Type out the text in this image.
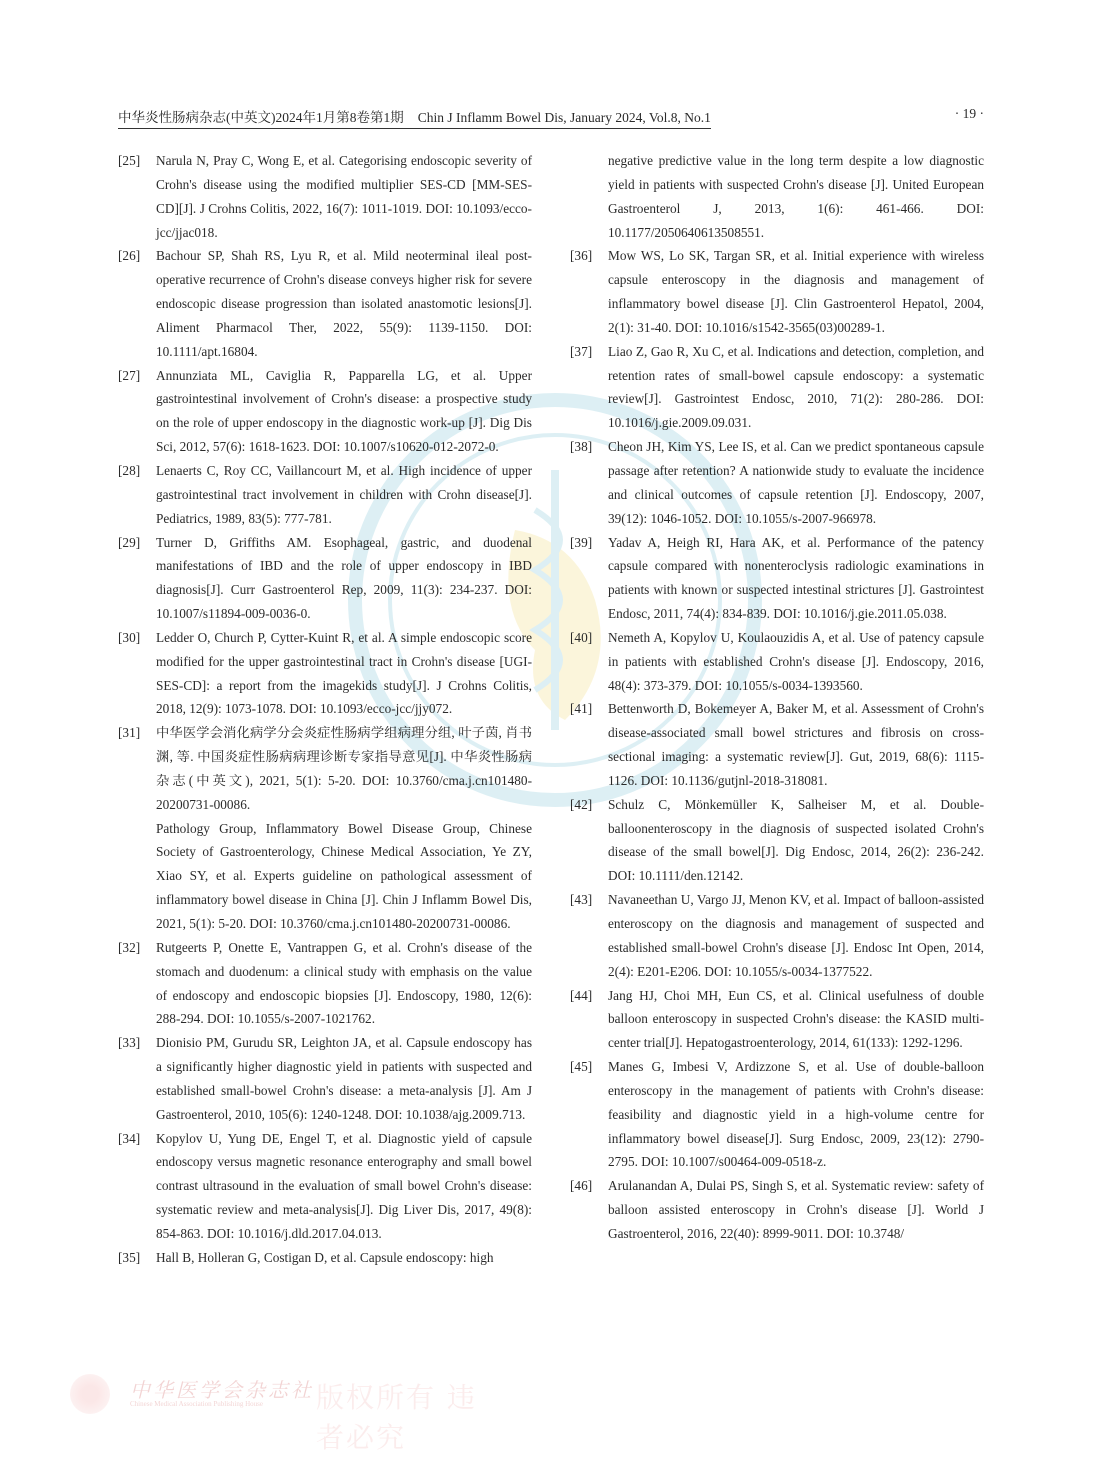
中华炎性肠病杂志(中英文)2024年1月第8卷第1期 Chin J Inflamm Bowel Dis, January 2024, Vol.8, No.1	· 19 ·
[25] Narula N, Pray C, Wong E, et al. Categorising endoscopic severity of Crohn's disease using the modified multiplier SES-CD [MM-SES-CD][J]. J Crohns Colitis, 2022, 16(7): 1011-1019. DOI: 10.1093/ecco-jcc/jjac018.

[26] Bachour SP, Shah RS, Lyu R, et al. Mild neoterminal ileal post-operative recurrence of Crohn's disease conveys higher risk for severe endoscopic disease progression than isolated anastomotic lesions[J]. Aliment Pharmacol Ther, 2022, 55(9): 1139-1150. DOI: 10.1111/apt.16804.

[27] Annunziata ML, Caviglia R, Papparella LG, et al. Upper gastrointestinal involvement of Crohn's disease: a prospective study on the role of upper endoscopy in the diagnostic work-up [J]. Dig Dis Sci, 2012, 57(6): 1618-1623. DOI: 10.1007/s10620-012-2072-0.

[28] Lenaerts C, Roy CC, Vaillancourt M, et al. High incidence of upper gastrointestinal tract involvement in children with Crohn disease[J]. Pediatrics, 1989, 83(5): 777-781.

[29] Turner D, Griffiths AM. Esophageal, gastric, and duodenal manifestations of IBD and the role of upper endoscopy in IBD diagnosis[J]. Curr Gastroenterol Rep, 2009, 11(3): 234-237. DOI: 10.1007/s11894-009-0036-0.

[30] Ledder O, Church P, Cytter-Kuint R, et al. A simple endoscopic score modified for the upper gastrointestinal tract in Crohn's disease [UGI-SES-CD]: a report from the imagekids study[J]. J Crohns Colitis, 2018, 12(9): 1073-1078. DOI: 10.1093/ecco-jcc/jjy072.

[31] 中华医学会消化病学分会炎症性肠病学组病理分组, 叶子茵, 肖书渊, 等. 中国炎症性肠病病理诊断专家指导意见[J]. 中华炎性肠病杂志(中英文), 2021, 5(1): 5-20. DOI: 10.3760/cma.j.cn101480-20200731-00086.

Pathology Group, Inflammatory Bowel Disease Group, Chinese Society of Gastroenterology, Chinese Medical Association, Ye ZY, Xiao SY, et al. Experts guideline on pathological assessment of inflammatory bowel disease in China [J]. Chin J Inflamm Bowel Dis, 2021, 5(1): 5-20. DOI: 10.3760/cma.j.cn101480-20200731-00086.

[32] Rutgeerts P, Onette E, Vantrappen G, et al. Crohn's disease of the stomach and duodenum: a clinical study with emphasis on the value of endoscopy and endoscopic biopsies [J]. Endoscopy, 1980, 12(6): 288-294. DOI: 10.1055/s-2007-1021762.

[33] Dionisio PM, Gurudu SR, Leighton JA, et al. Capsule endoscopy has a significantly higher diagnostic yield in patients with suspected and established small-bowel Crohn's disease: a meta-analysis [J]. Am J Gastroenterol, 2010, 105(6): 1240-1248. DOI: 10.1038/ajg.2009.713.

[34] Kopylov U, Yung DE, Engel T, et al. Diagnostic yield of capsule endoscopy versus magnetic resonance enterography and small bowel contrast ultrasound in the evaluation of small bowel Crohn's disease: systematic review and meta-analysis[J]. Dig Liver Dis, 2017, 49(8): 854-863. DOI: 10.1016/j.dld.2017.04.013.

[35] Hall B, Holleran G, Costigan D, et al. Capsule endoscopy: high

negative predictive value in the long term despite a low diagnostic yield in patients with suspected Crohn's disease [J]. United European Gastroenterol J, 2013, 1(6): 461-466. DOI: 10.1177/2050640613508551.

[36] Mow WS, Lo SK, Targan SR, et al. Initial experience with wireless capsule enteroscopy in the diagnosis and management of inflammatory bowel disease [J]. Clin Gastroenterol Hepatol, 2004, 2(1): 31-40. DOI: 10.1016/s1542-3565(03)00289-1.

[37] Liao Z, Gao R, Xu C, et al. Indications and detection, completion, and retention rates of small-bowel capsule endoscopy: a systematic review[J]. Gastrointest Endosc, 2010, 71(2): 280-286. DOI: 10.1016/j.gie.2009.09.031.

[38] Cheon JH, Kim YS, Lee IS, et al. Can we predict spontaneous capsule passage after retention? A nationwide study to evaluate the incidence and clinical outcomes of capsule retention [J]. Endoscopy, 2007, 39(12): 1046-1052. DOI: 10.1055/s-2007-966978.

[39] Yadav A, Heigh RI, Hara AK, et al. Performance of the patency capsule compared with nonenteroclysis radiologic examinations in patients with known or suspected intestinal strictures [J]. Gastrointest Endosc, 2011, 74(4): 834-839. DOI: 10.1016/j.gie.2011.05.038.

[40] Nemeth A, Kopylov U, Koulaouzidis A, et al. Use of patency capsule in patients with established Crohn's disease [J]. Endoscopy, 2016, 48(4): 373-379. DOI: 10.1055/s-0034-1393560.

[41] Bettenworth D, Bokemeyer A, Baker M, et al. Assessment of Crohn's disease-associated small bowel strictures and fibrosis on cross-sectional imaging: a systematic review[J]. Gut, 2019, 68(6): 1115-1126. DOI: 10.1136/gutjnl-2018-318081.

[42] Schulz C, Mönkemüller K, Salheiser M, et al. Double-balloonenteroscopy in the diagnosis of suspected isolated Crohn's disease of the small bowel[J]. Dig Endosc, 2014, 26(2): 236-242. DOI: 10.1111/den.12142.

[43] Navaneethan U, Vargo JJ, Menon KV, et al. Impact of balloon-assisted enteroscopy on the diagnosis and management of suspected and established small-bowel Crohn's disease [J]. Endosc Int Open, 2014, 2(4): E201-E206. DOI: 10.1055/s-0034-1377522.

[44] Jang HJ, Choi MH, Eun CS, et al. Clinical usefulness of double balloon enteroscopy in suspected Crohn's disease: the KASID multi-center trial[J]. Hepatogastroenterology, 2014, 61(133): 1292-1296.

[45] Manes G, Imbesi V, Ardizzone S, et al. Use of double-balloon enteroscopy in the management of patients with Crohn's disease: feasibility and diagnostic yield in a high-volume centre for inflammatory bowel disease[J]. Surg Endosc, 2009, 23(12): 2790-2795. DOI: 10.1007/s00464-009-0518-z.

[46] Arulanandan A, Dulai PS, Singh S, et al. Systematic review: safety of balloon assisted enteroscopy in Crohn's disease [J]. World J Gastroenterol, 2016, 22(40): 8999-9011. DOI: 10.3748/

中华医学会杂志社
Chinese Medical Association Publishing House 版权所有 违者必究
